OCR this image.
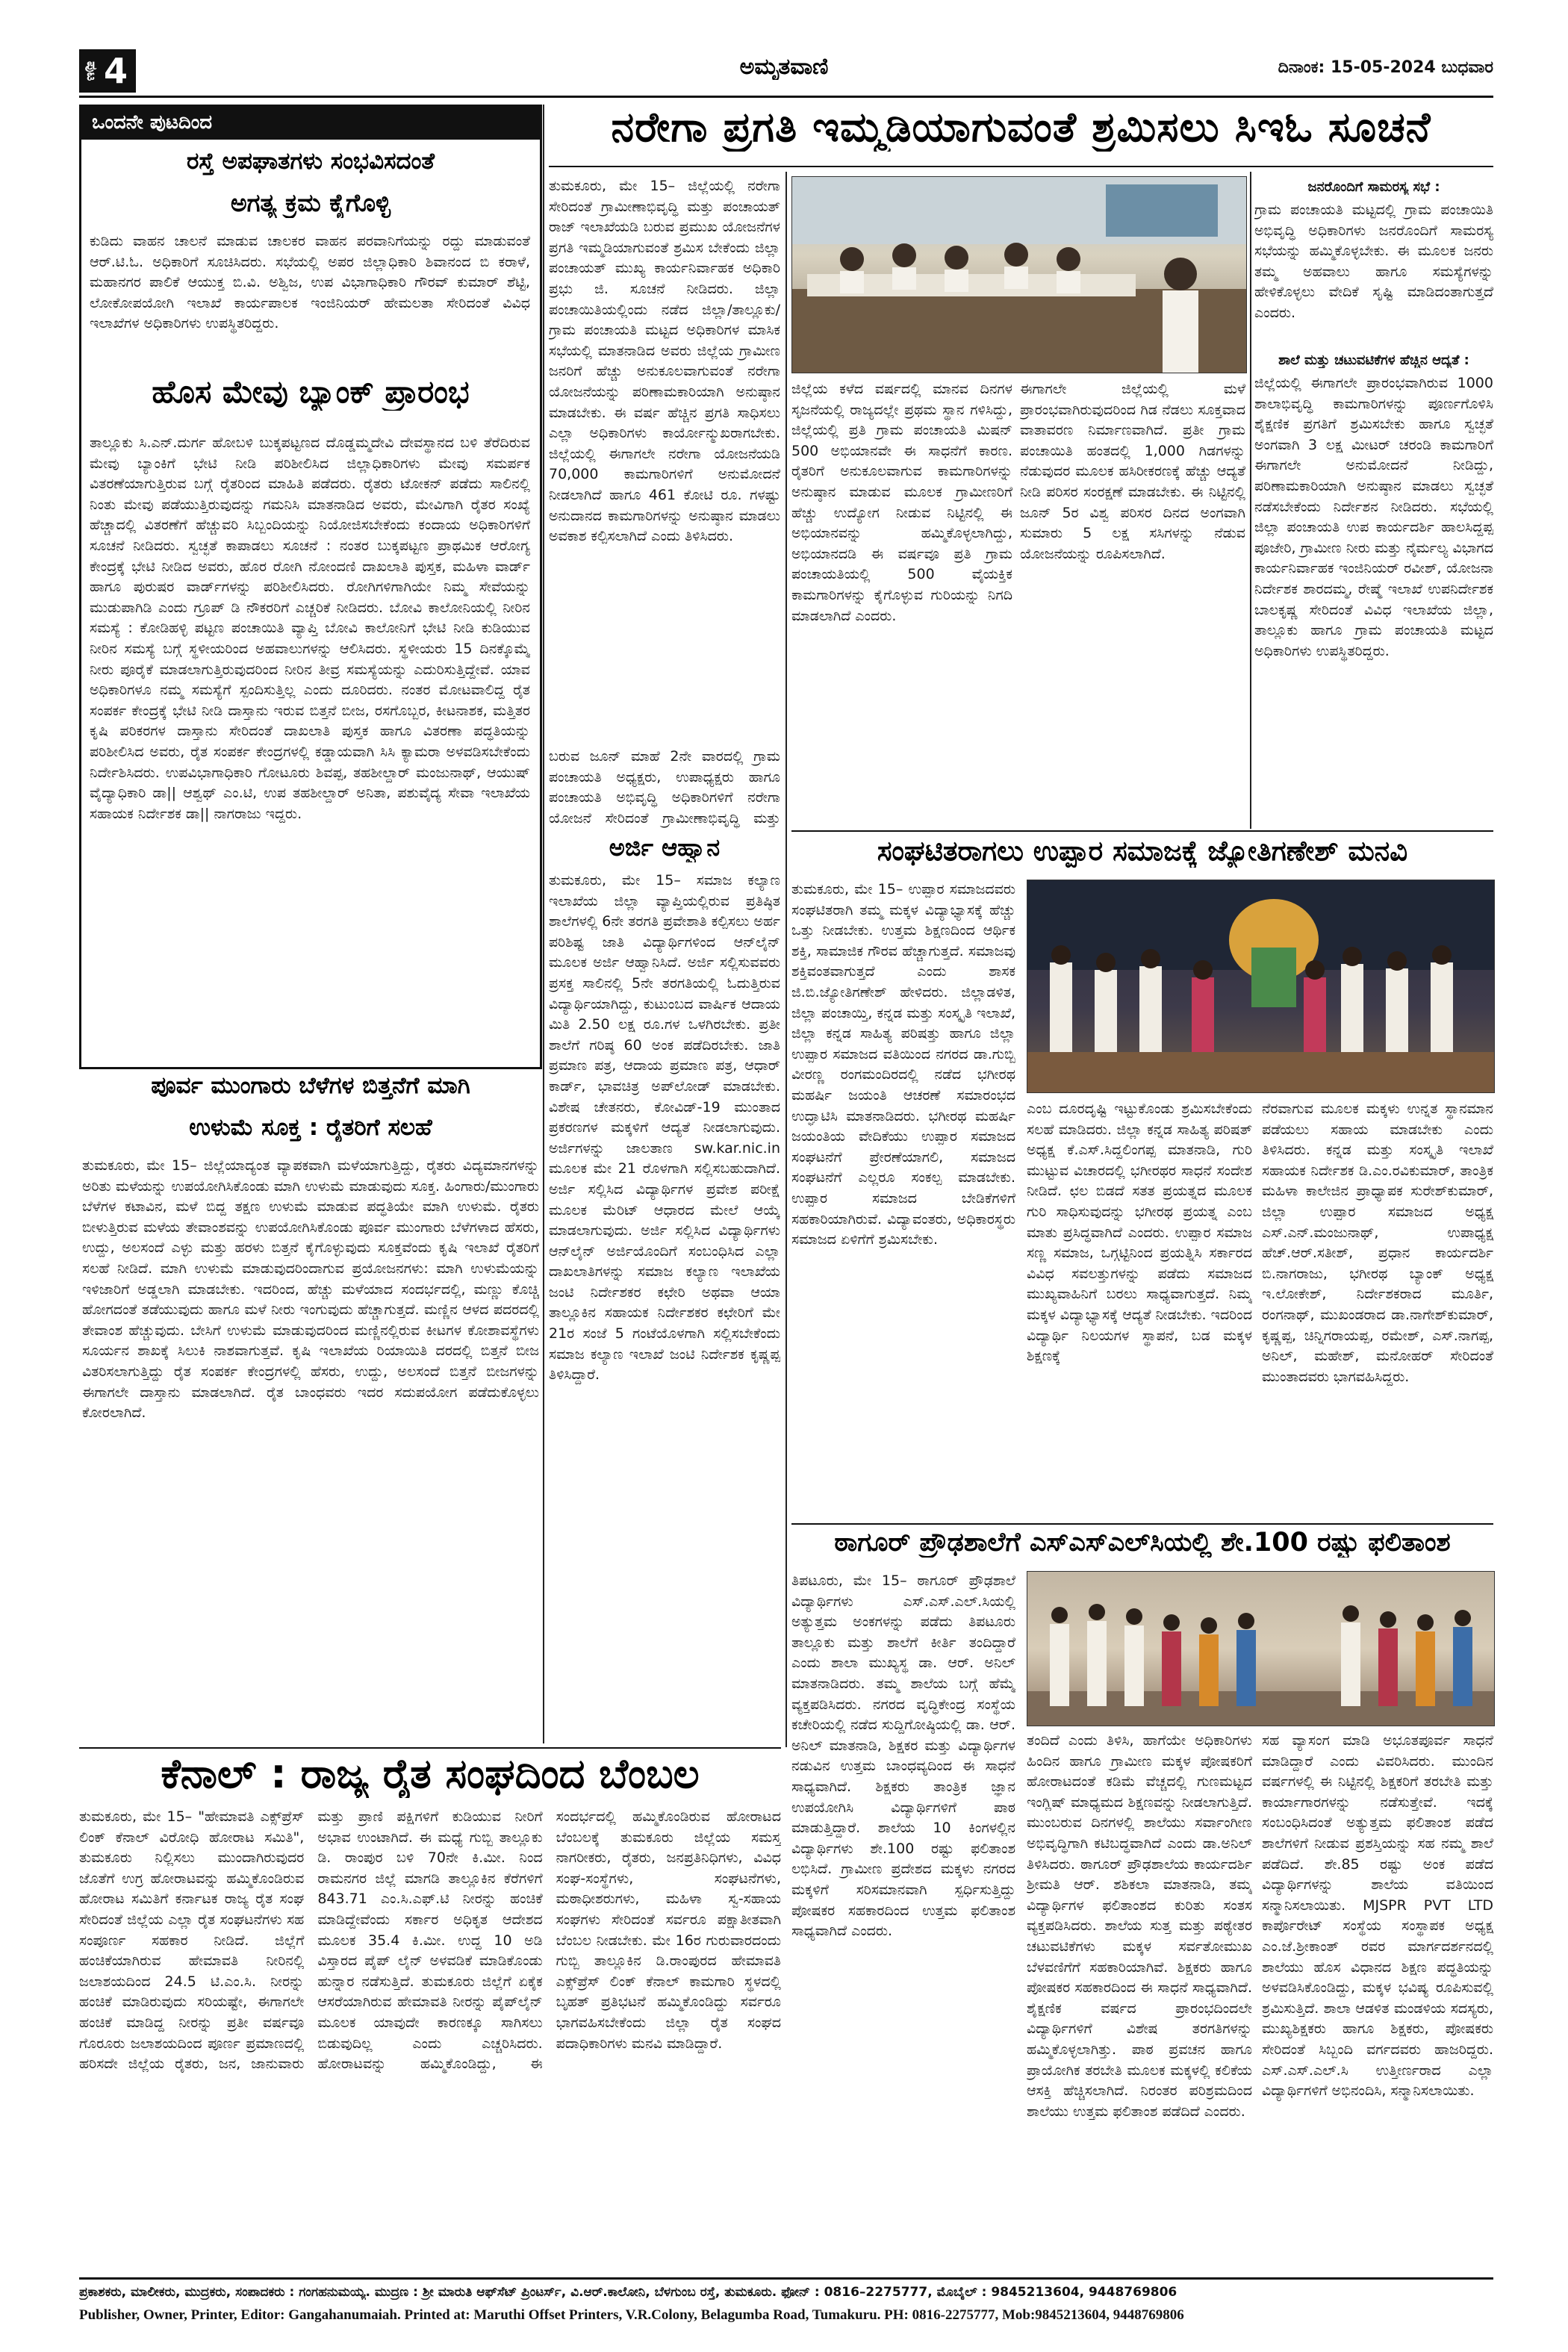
ಪುಟ 4	ಅಮೃತವಾಣಿ	ದಿನಾಂಕ: 15-05-2024 ಬುಧವಾರ
ಒಂದನೇ ಪುಟದಿಂದ
ರಸ್ತೆ ಅಪಘಾತಗಳು ಸಂಭವಿಸದಂತೆ
ಅಗತ್ಯ ಕ್ರಮ ಕೈಗೊಳ್ಳಿ
ಕುಡಿದು ವಾಹನ ಚಾಲನೆ ಮಾಡುವ ಚಾಲಕರ ವಾಹನ ಪರವಾನಿಗೆಯನ್ನು ರದ್ದು ಮಾಡುವಂತೆ ಆರ್.ಟಿ.ಓ. ಅಧಿಕಾರಿಗೆ ಸೂಚಿಸಿದರು. ಸಭೆಯಲ್ಲಿ ಅಪರ ಜಿಲ್ಲಾಧಿಕಾರಿ ಶಿವಾನಂದ ಬಿ ಕರಾಳೆ, ಮಹಾನಗರ ಪಾಲಿಕೆ ಆಯುಕ್ತ ಬಿ.ವಿ. ಅಶ್ವಿಜ, ಉಪ ವಿಭಾಗಾಧಿಕಾರಿ ಗೌರವ್ ಕುಮಾರ್ ಶೆಟ್ಟಿ, ಲೋಕೋಪಯೋಗಿ ಇಲಾಖೆ ಕಾರ್ಯಪಾಲಕ ಇಂಜಿನಿಯರ್ ಹೇಮಲತಾ ಸೇರಿದಂತೆ ವಿವಿಧ ಇಲಾಖೆಗಳ ಅಧಿಕಾರಿಗಳು ಉಪಸ್ಥಿತರಿದ್ದರು.
ಹೊಸ ಮೇವು ಬ್ಯಾಂಕ್ ಪ್ರಾರಂಭ
ತಾಲ್ಲೂಕು ಸಿ.ಎನ್.ದುರ್ಗ ಹೋಬಳಿ ಬುಕ್ಕಪಟ್ಟಣದ ದೊಡ್ಡಮ್ಮದೇವಿ ದೇವಸ್ಥಾನದ ಬಳಿ ತೆರೆದಿರುವ ಮೇವು ಬ್ಯಾಂಕಿಗೆ ಭೇಟಿ ನೀಡಿ ಪರಿಶೀಲಿಸಿದ ಜಿಲ್ಲಾಧಿಕಾರಿಗಳು ಮೇವು ಸಮರ್ಪಕ ವಿತರಣೆಯಾಗುತ್ತಿರುವ ಬಗ್ಗೆ ರೈತರಿಂದ ಮಾಹಿತಿ ಪಡೆದರು. ರೈತರು ಟೋಕನ್ ಪಡೆದು ಸಾಲಿನಲ್ಲಿ ನಿಂತು ಮೇವು ಪಡೆಯುತ್ತಿರುವುದನ್ನು ಗಮನಿಸಿ ಮಾತನಾಡಿದ ಅವರು, ಮೇವಿಗಾಗಿ ರೈತರ ಸಂಖ್ಯೆ ಹೆಚ್ಚಾದಲ್ಲಿ ವಿತರಣೆಗೆ ಹೆಚ್ಚುವರಿ ಸಿಬ್ಬಂದಿಯನ್ನು ನಿಯೋಜಿಸಬೇಕೆಂದು ಕಂದಾಯ ಅಧಿಕಾರಿಗಳಿಗೆ ಸೂಚನೆ ನೀಡಿದರು. ಸ್ವಚ್ಛತೆ ಕಾಪಾಡಲು ಸೂಚನೆ : ನಂತರ ಬುಕ್ಕಪಟ್ಟಣ ಪ್ರಾಥಮಿಕ ಆರೋಗ್ಯ ಕೇಂದ್ರಕ್ಕೆ ಭೇಟಿ ನೀಡಿದ ಅವರು, ಹೊರ ರೋಗಿ ನೋಂದಣಿ ದಾಖಲಾತಿ ಪುಸ್ತಕ, ಮಹಿಳಾ ವಾರ್ಡ್ ಹಾಗೂ ಪುರುಷರ ವಾರ್ಡ್‌ಗಳನ್ನು ಪರಿಶೀಲಿಸಿದರು. ರೋಗಿಗಳಿಗಾಗಿಯೇ ನಿಮ್ಮ ಸೇವೆಯನ್ನು ಮುಡುಪಾಗಿಡಿ ಎಂದು ಗ್ರೂಪ್ ಡಿ ನೌಕರರಿಗೆ ಎಚ್ಚರಿಕೆ ನೀಡಿದರು. ಬೋವಿ ಕಾಲೋನಿಯಲ್ಲಿ ನೀರಿನ ಸಮಸ್ಯೆ : ಕೋಡಿಹಳ್ಳಿ ಪಟ್ಟಣ ಪಂಚಾಯಿತಿ ವ್ಯಾಪ್ತಿ ಬೋವಿ ಕಾಲೋನಿಗೆ ಭೇಟಿ ನೀಡಿ ಕುಡಿಯುವ ನೀರಿನ ಸಮಸ್ಯೆ ಬಗ್ಗೆ ಸ್ಥಳೀಯರಿಂದ ಅಹವಾಲುಗಳನ್ನು ಆಲಿಸಿದರು. ಸ್ಥಳೀಯರು 15 ದಿನಕ್ಕೊಮ್ಮೆ ನೀರು ಪೂರೈಕೆ ಮಾಡಲಾಗುತ್ತಿರುವುದರಿಂದ ನೀರಿನ ತೀವ್ರ ಸಮಸ್ಯೆಯನ್ನು ಎದುರಿಸುತ್ತಿದ್ದೇವೆ. ಯಾವ ಅಧಿಕಾರಿಗಳೂ ನಮ್ಮ ಸಮಸ್ಯೆಗೆ ಸ್ಪಂದಿಸುತ್ತಿಲ್ಲ ಎಂದು ದೂರಿದರು. ನಂತರ ಮೋಟವಾಲಿದ್ದ ರೈತ ಸಂಪರ್ಕ ಕೇಂದ್ರಕ್ಕೆ ಭೇಟಿ ನೀಡಿ ದಾಸ್ತಾನು ಇರುವ ಬಿತ್ತನೆ ಬೀಜ, ರಸಗೊಬ್ಬರ, ಕೀಟನಾಶಕ, ಮತ್ತಿತರ ಕೃಷಿ ಪರಿಕರಗಳ ದಾಸ್ತಾನು ಸೇರಿದಂತೆ ದಾಖಲಾತಿ ಪುಸ್ತಕ ಹಾಗೂ ವಿತರಣಾ ಪದ್ಧತಿಯನ್ನು ಪರಿಶೀಲಿಸಿದ ಅವರು, ರೈತ ಸಂಪರ್ಕ ಕೇಂದ್ರಗಳಲ್ಲಿ ಕಡ್ಡಾಯವಾಗಿ ಸಿಸಿ ಕ್ಯಾಮರಾ ಅಳವಡಿಸಬೇಕೆಂದು ನಿರ್ದೇಶಿಸಿದರು. ಉಪವಿಭಾಗಾಧಿಕಾರಿ ಗೋಟೂರು ಶಿವಪ್ಪ, ತಹಶೀಲ್ದಾರ್ ಮಂಜುನಾಥ್, ಆಯುಷ್ ವೈದ್ಯಾಧಿಕಾರಿ ಡಾ|| ಆಶ್ವಥ್ ಎಂ.ಟಿ, ಉಪ ತಹಶೀಲ್ದಾರ್ ಅನಿತಾ, ಪಶುವೈದ್ಯ ಸೇವಾ ಇಲಾಖೆಯ ಸಹಾಯಕ ನಿರ್ದೇಶಕ ಡಾ|| ನಾಗರಾಜು ಇದ್ದರು.
ಪೂರ್ವ ಮುಂಗಾರು ಬೆಳೆಗಳ ಬಿತ್ತನೆಗೆ ಮಾಗಿ
ಉಳುಮೆ ಸೂಕ್ತ : ರೈತರಿಗೆ ಸಲಹೆ
ತುಮಕೂರು, ಮೇ 15– ಜಿಲ್ಲೆಯಾದ್ಯಂತ ವ್ಯಾಪಕವಾಗಿ ಮಳೆಯಾಗುತ್ತಿದ್ದು, ರೈತರು ವಿದ್ಯಮಾನಗಳನ್ನು ಅರಿತು ಮಳೆಯನ್ನು ಉಪಯೋಗಿಸಿಕೊಂಡು ಮಾಗಿ ಉಳುಮೆ ಮಾಡುವುದು ಸೂಕ್ತ. ಹಿಂಗಾರು/ಮುಂಗಾರು ಬೆಳೆಗಳ ಕಟಾವಿನ, ಮಳೆ ಬಿದ್ದ ತಕ್ಷಣ ಉಳುಮೆ ಮಾಡುವ ಪದ್ಧತಿಯೇ ಮಾಗಿ ಉಳುಮೆ. ರೈತರು ಬೀಳುತ್ತಿರುವ ಮಳೆಯ ತೇವಾಂಶವನ್ನು ಉಪಯೋಗಿಸಿಕೊಂಡು ಪೂರ್ವ ಮುಂಗಾರು ಬೆಳೆಗಳಾದ ಹೆಸರು, ಉದ್ದು, ಅಲಸಂದೆ ಎಳ್ಳು ಮತ್ತು ಹರಳು ಬಿತ್ತನೆ ಕೈಗೊಳ್ಳುವುದು ಸೂಕ್ತವೆಂದು ಕೃಷಿ ಇಲಾಖೆ ರೈತರಿಗೆ ಸಲಹೆ ನೀಡಿದೆ. ಮಾಗಿ ಉಳುಮೆ ಮಾಡುವುದರಿಂದಾಗುವ ಪ್ರಯೋಜನಗಳು: ಮಾಗಿ ಉಳುಮೆಯನ್ನು ಇಳಿಜಾರಿಗೆ ಅಡ್ಡಲಾಗಿ ಮಾಡಬೇಕು. ಇದರಿಂದ, ಹೆಚ್ಚು ಮಳೆಯಾದ ಸಂದರ್ಭದಲ್ಲಿ, ಮಣ್ಣು ಕೊಚ್ಚಿ ಹೋಗದಂತೆ ತಡೆಯುವುದು ಹಾಗೂ ಮಳೆ ನೀರು ಇಂಗುವುದು ಹೆಚ್ಚಾಗುತ್ತದೆ. ಮಣ್ಣಿನ ಆಳದ ಪದರದಲ್ಲಿ ತೇವಾಂಶ ಹೆಚ್ಚುವುದು. ಬೇಸಿಗೆ ಉಳುಮೆ ಮಾಡುವುದರಿಂದ ಮಣ್ಣಿನಲ್ಲಿರುವ ಕೀಟಗಳ ಕೋಶಾವಸ್ಥೆಗಳು ಸೂರ್ಯನ ಶಾಖಕ್ಕೆ ಸಿಲುಕಿ ನಾಶವಾಗುತ್ತವೆ. ಕೃಷಿ ಇಲಾಖೆಯ ರಿಯಾಯಿತಿ ದರದಲ್ಲಿ ಬಿತ್ತನೆ ಬೀಜ ವಿತರಿಸಲಾಗುತ್ತಿದ್ದು ರೈತ ಸಂಪರ್ಕ ಕೇಂದ್ರಗಳಲ್ಲಿ ಹೆಸರು, ಉದ್ದು, ಅಲಸಂದೆ ಬಿತ್ತನೆ ಬೀಜಗಳನ್ನು ಈಗಾಗಲೇ ದಾಸ್ತಾನು ಮಾಡಲಾಗಿದೆ. ರೈತ ಬಾಂಧವರು ಇದರ ಸದುಪಯೋಗ ಪಡೆದುಕೊಳ್ಳಲು ಕೋರಲಾಗಿದೆ.
ನರೇಗಾ ಪ್ರಗತಿ ಇಮ್ಮಡಿಯಾಗುವಂತೆ ಶ್ರಮಿಸಲು ಸಿಇಓ ಸೂಚನೆ
ತುಮಕೂರು, ಮೇ 15– ಜಿಲ್ಲೆಯಲ್ಲಿ ನರೇಗಾ ಸೇರಿದಂತೆ ಗ್ರಾಮೀಣಾಭಿವೃದ್ಧಿ ಮತ್ತು ಪಂಚಾಯತ್ ರಾಜ್ ಇಲಾಖೆಯಡಿ ಬರುವ ಪ್ರಮುಖ ಯೋಜನೆಗಳ ಪ್ರಗತಿ ಇಮ್ಮಡಿಯಾಗುವಂತೆ ಶ್ರಮಿಸ ಬೇಕೆಂದು ಜಿಲ್ಲಾ ಪಂಚಾಯತ್ ಮುಖ್ಯ ಕಾರ್ಯನಿರ್ವಾಹಕ ಅಧಿಕಾರಿ ಪ್ರಭು ಜಿ. ಸೂಚನೆ ನೀಡಿದರು. ಜಿಲ್ಲಾ ಪಂಚಾಯಿತಿಯಲ್ಲಿಂದು ನಡೆದ ಜಿಲ್ಲಾ/ತಾಲ್ಲೂಕು/ಗ್ರಾಮ ಪಂಚಾಯತಿ ಮಟ್ಟದ ಅಧಿಕಾರಿಗಳ ಮಾಸಿಕ ಸಭೆಯಲ್ಲಿ ಮಾತನಾಡಿದ ಅವರು ಜಿಲ್ಲೆಯ ಗ್ರಾಮೀಣ ಜನರಿಗೆ ಹೆಚ್ಚು ಅನುಕೂಲವಾಗುವಂತೆ ನರೇಗಾ ಯೋಜನೆಯನ್ನು ಪರಿಣಾಮಕಾರಿಯಾಗಿ ಅನುಷ್ಠಾನ ಮಾಡಬೇಕು. ಈ ವರ್ಷ ಹೆಚ್ಚಿನ ಪ್ರಗತಿ ಸಾಧಿಸಲು ಎಲ್ಲಾ ಅಧಿಕಾರಿಗಳು ಕಾರ್ಯೋನ್ಮುಖರಾಗಬೇಕು. ಜಿಲ್ಲೆಯಲ್ಲಿ ಈಗಾಗಲೇ ನರೇಗಾ ಯೋಜನೆಯಡಿ 70,000 ಕಾಮಗಾರಿಗಳಿಗೆ ಅನುಮೋದನೆ ನೀಡಲಾಗಿದೆ ಹಾಗೂ 461 ಕೋಟಿ ರೂ. ಗಳಷ್ಟು ಅನುದಾನದ ಕಾಮಗಾರಿಗಳನ್ನು ಅನುಷ್ಠಾನ ಮಾಡಲು ಅವಕಾಶ ಕಲ್ಪಿಸಲಾಗಿದೆ ಎಂದು ತಿಳಿಸಿದರು.
ಜಿಲ್ಲೆಯ ಕಳೆದ ವರ್ಷದಲ್ಲಿ ಮಾನವ ದಿನಗಳ ಸೃಜನೆಯಲ್ಲಿ ರಾಜ್ಯದಲ್ಲೇ ಪ್ರಥಮ ಸ್ಥಾನ ಗಳಿಸಿದ್ದು, ಜಿಲ್ಲೆಯಲ್ಲಿ ಪ್ರತಿ ಗ್ರಾಮ ಪಂಚಾಯತಿ ಮಿಷನ್ 500 ಅಭಿಯಾನವೇ ಈ ಸಾಧನೆಗೆ ಕಾರಣ. ರೈತರಿಗೆ ಅನುಕೂಲವಾಗುವ ಕಾಮಗಾರಿಗಳನ್ನು ಅನುಷ್ಠಾನ ಮಾಡುವ ಮೂಲಕ ಗ್ರಾಮೀಣರಿಗೆ ಹೆಚ್ಚು ಉದ್ಯೋಗ ನೀಡುವ ನಿಟ್ಟಿನಲ್ಲಿ ಈ ಅಭಿಯಾನವನ್ನು ಹಮ್ಮಿಕೊಳ್ಳಲಾಗಿದ್ದು, ಅಭಿಯಾನದಡಿ ಈ ವರ್ಷವೂ ಪ್ರತಿ ಗ್ರಾಮ ಪಂಚಾಯತಿಯಲ್ಲಿ 500 ವೈಯಕ್ತಿಕ ಕಾಮಗಾರಿಗಳನ್ನು ಕೈಗೊಳ್ಳುವ ಗುರಿಯನ್ನು ನಿಗದಿ ಮಾಡಲಾಗಿದೆ ಎಂದರು.
ಈಗಾಗಲೇ ಜಿಲ್ಲೆಯಲ್ಲಿ ಮಳೆ ಪ್ರಾರಂಭವಾಗಿರುವುದರಿಂದ ಗಿಡ ನೆಡಲು ಸೂಕ್ತವಾದ ವಾತಾವರಣ ನಿರ್ಮಾಣವಾಗಿದೆ. ಪ್ರತೀ ಗ್ರಾಮ ಪಂಚಾಯಿತಿ ಹಂತದಲ್ಲಿ 1,000 ಗಿಡಗಳನ್ನು ನೆಡುವುದರ ಮೂಲಕ ಹಸಿರೀಕರಣಕ್ಕೆ ಹೆಚ್ಚು ಆದ್ಯತೆ ನೀಡಿ ಪರಿಸರ ಸಂರಕ್ಷಣೆ ಮಾಡಬೇಕು. ಈ ನಿಟ್ಟಿನಲ್ಲಿ ಜೂನ್ 5ರ ವಿಶ್ವ ಪರಿಸರ ದಿನದ ಅಂಗವಾಗಿ ಸುಮಾರು 5 ಲಕ್ಷ ಸಸಿಗಳನ್ನು ನೆಡುವ ಯೋಜನೆಯನ್ನು ರೂಪಿಸಲಾಗಿದೆ.
ಜನರೊಂದಿಗೆ ಸಾಮರಸ್ಯ ಸಭೆ :
ಗ್ರಾಮ ಪಂಚಾಯತಿ ಮಟ್ಟದಲ್ಲಿ ಗ್ರಾಮ ಪಂಚಾಯಿತಿ ಅಭಿವೃದ್ಧಿ ಅಧಿಕಾರಿಗಳು ಜನರೊಂದಿಗೆ ಸಾಮರಸ್ಯ ಸಭೆಯನ್ನು ಹಮ್ಮಿಕೊಳ್ಳಬೇಕು. ಈ ಮೂಲಕ ಜನರು ತಮ್ಮ ಅಹವಾಲು ಹಾಗೂ ಸಮಸ್ಯೆಗಳನ್ನು ಹೇಳಿಕೊಳ್ಳಲು ವೇದಿಕೆ ಸೃಷ್ಟಿ ಮಾಡಿದಂತಾಗುತ್ತದೆ ಎಂದರು.
ಶಾಲೆ ಮತ್ತು ಚಟುವಟಿಕೆಗಳ ಹೆಚ್ಚಿನ ಆದ್ಯತೆ :
ಜಿಲ್ಲೆಯಲ್ಲಿ ಈಗಾಗಲೇ ಪ್ರಾರಂಭವಾಗಿರುವ 1000 ಶಾಲಾಭಿವೃದ್ಧಿ ಕಾಮಗಾರಿಗಳನ್ನು ಪೂರ್ಣಗೊಳಿಸಿ ಶೈಕ್ಷಣಿಕ ಪ್ರಗತಿಗೆ ಶ್ರಮಿಸಬೇಕು ಹಾಗೂ ಸ್ವಚ್ಛತೆ ಅಂಗವಾಗಿ 3 ಲಕ್ಷ ಮೀಟರ್ ಚರಂಡಿ ಕಾಮಗಾರಿಗೆ ಈಗಾಗಲೇ ಅನುಮೋದನೆ ನೀಡಿದ್ದು, ಪರಿಣಾಮಕಾರಿಯಾಗಿ ಅನುಷ್ಠಾನ ಮಾಡಲು ಸ್ವಚ್ಛತೆ ನಡೆಸಬೇಕೆಂದು ನಿರ್ದೇಶನ ನೀಡಿದರು. ಸಭೆಯಲ್ಲಿ ಜಿಲ್ಲಾ ಪಂಚಾಯತಿ ಉಪ ಕಾರ್ಯದರ್ಶಿ ಹಾಲಸಿದ್ದಪ್ಪ ಪೂಜೇರಿ, ಗ್ರಾಮೀಣ ನೀರು ಮತ್ತು ನೈರ್ಮಲ್ಯ ವಿಭಾಗದ ಕಾರ್ಯನಿರ್ವಾಹಕ ಇಂಜಿನಿಯರ್ ರವೀಶ್, ಯೋಜನಾ ನಿರ್ದೇಶಕ ಶಾರದಮ್ಮ, ರೇಷ್ಮೆ ಇಲಾಖೆ ಉಪನಿರ್ದೇಶಕ ಬಾಲಕೃಷ್ಣ ಸೇರಿದಂತೆ ವಿವಿಧ ಇಲಾಖೆಯ ಜಿಲ್ಲಾ, ತಾಲ್ಲೂಕು ಹಾಗೂ ಗ್ರಾಮ ಪಂಚಾಯತಿ ಮಟ್ಟದ ಅಧಿಕಾರಿಗಳು ಉಪಸ್ಥಿತರಿದ್ದರು.
ಬರುವ ಜೂನ್ ಮಾಹೆ 2ನೇ ವಾರದಲ್ಲಿ ಗ್ರಾಮ ಪಂಚಾಯತಿ ಅಧ್ಯಕ್ಷರು, ಉಪಾಧ್ಯಕ್ಷರು ಹಾಗೂ ಪಂಚಾಯತಿ ಅಭಿವೃದ್ಧಿ ಅಧಿಕಾರಿಗಳಿಗೆ ನರೇಗಾ ಯೋಜನೆ ಸೇರಿದಂತೆ ಗ್ರಾಮೀಣಾಭಿವೃದ್ಧಿ ಮತ್ತು
ಅರ್ಜಿ ಆಹ್ವಾನ
ತುಮಕೂರು, ಮೇ 15– ಸಮಾಜ ಕಲ್ಯಾಣ ಇಲಾಖೆಯ ಜಿಲ್ಲಾ ವ್ಯಾಪ್ತಿಯಲ್ಲಿರುವ ಪ್ರತಿಷ್ಠಿತ ಶಾಲೆಗಳಲ್ಲಿ 6ನೇ ತರಗತಿ ಪ್ರವೇಶಾತಿ ಕಲ್ಪಿಸಲು ಅರ್ಹ ಪರಿಶಿಷ್ಟ ಜಾತಿ ವಿದ್ಯಾರ್ಥಿಗಳಿಂದ ಆನ್‌ಲೈನ್ ಮೂಲಕ ಅರ್ಜಿ ಆಹ್ವಾನಿಸಿದೆ. ಅರ್ಜಿ ಸಲ್ಲಿಸುವವರು ಪ್ರಸಕ್ತ ಸಾಲಿನಲ್ಲಿ 5ನೇ ತರಗತಿಯಲ್ಲಿ ಓದುತ್ತಿರುವ ವಿದ್ಯಾರ್ಥಿಯಾಗಿದ್ದು, ಕುಟುಂಬದ ವಾರ್ಷಿಕ ಆದಾಯ ಮಿತಿ 2.50 ಲಕ್ಷ ರೂ.ಗಳ ಒಳಗಿರಬೇಕು. ಪ್ರತೀ ಶಾಲೆಗೆ ಗರಿಷ್ಠ 60 ಅಂಕ ಪಡೆದಿರಬೇಕು. ಜಾತಿ ಪ್ರಮಾಣ ಪತ್ರ, ಆದಾಯ ಪ್ರಮಾಣ ಪತ್ರ, ಆಧಾರ್ ಕಾರ್ಡ್, ಭಾವಚಿತ್ರ ಅಪ್‌ಲೋಡ್ ಮಾಡಬೇಕು. ವಿಶೇಷ ಚೇತನರು, ಕೋವಿಡ್-19 ಮುಂತಾದ ಪ್ರಕರಣಗಳ ಮಕ್ಕಳಿಗೆ ಆದ್ಯತೆ ನೀಡಲಾಗುವುದು. ಅರ್ಜಿಗಳನ್ನು ಜಾಲತಾಣ sw.kar.nic.in ಮೂಲಕ ಮೇ 21 ರೊಳಗಾಗಿ ಸಲ್ಲಿಸಬಹುದಾಗಿದೆ. ಅರ್ಜಿ ಸಲ್ಲಿಸಿದ ವಿದ್ಯಾರ್ಥಿಗಳ ಪ್ರವೇಶ ಪರೀಕ್ಷೆ ಮೂಲಕ ಮೆರಿಟ್ ಆಧಾರದ ಮೇಲೆ ಆಯ್ಕೆ ಮಾಡಲಾಗುವುದು. ಅರ್ಜಿ ಸಲ್ಲಿಸಿದ ವಿದ್ಯಾರ್ಥಿಗಳು ಆನ್‌ಲೈನ್ ಅರ್ಜಿಯೊಂದಿಗೆ ಸಂಬಂಧಿಸಿದ ಎಲ್ಲಾ ದಾಖಲಾತಿಗಳನ್ನು ಸಮಾಜ ಕಲ್ಯಾಣ ಇಲಾಖೆಯ ಜಂಟಿ ನಿರ್ದೇಶಕರ ಕಛೇರಿ ಅಥವಾ ಆಯಾ ತಾಲ್ಲೂಕಿನ ಸಹಾಯಕ ನಿರ್ದೇಶಕರ ಕಛೇರಿಗೆ ಮೇ 21ರ ಸಂಜೆ 5 ಗಂಟೆಯೊಳಗಾಗಿ ಸಲ್ಲಿಸಬೇಕೆಂದು ಸಮಾಜ ಕಲ್ಯಾಣ ಇಲಾಖೆ ಜಂಟಿ ನಿರ್ದೇಶಕ ಕೃಷ್ಣಪ್ಪ ತಿಳಿಸಿದ್ದಾರೆ.
ಸಂಘಟಿತರಾಗಲು ಉಪ್ಪಾರ ಸಮಾಜಕ್ಕೆ ಜ್ಯೋತಿಗಣೇಶ್ ಮನವಿ
ತುಮಕೂರು, ಮೇ 15– ಉಪ್ಪಾರ ಸಮಾಜದವರು ಸಂಘಟಿತರಾಗಿ ತಮ್ಮ ಮಕ್ಕಳ ವಿದ್ಯಾಭ್ಯಾಸಕ್ಕೆ ಹೆಚ್ಚು ಒತ್ತು ನೀಡಬೇಕು. ಉತ್ತಮ ಶಿಕ್ಷಣದಿಂದ ಆರ್ಥಿಕ ಶಕ್ತಿ, ಸಾಮಾಜಿಕ ಗೌರವ ಹೆಚ್ಚಾಗುತ್ತದೆ. ಸಮಾಜವು ಶಕ್ತಿವಂತವಾಗುತ್ತದೆ ಎಂದು ಶಾಸಕ ಜಿ.ಬಿ.ಜ್ಯೋತಿಗಣೇಶ್ ಹೇಳಿದರು. ಜಿಲ್ಲಾಡಳಿತ, ಜಿಲ್ಲಾ ಪಂಚಾಯ್ತಿ, ಕನ್ನಡ ಮತ್ತು ಸಂಸ್ಕೃತಿ ಇಲಾಖೆ, ಜಿಲ್ಲಾ ಕನ್ನಡ ಸಾಹಿತ್ಯ ಪರಿಷತ್ತು ಹಾಗೂ ಜಿಲ್ಲಾ ಉಪ್ಪಾರ ಸಮಾಜದ ವತಿಯಿಂದ ನಗರದ ಡಾ.ಗುಬ್ಬಿ ವೀರಣ್ಣ ರಂಗಮಂದಿರದಲ್ಲಿ ನಡೆದ ಭಗೀರಥ ಮಹರ್ಷಿ ಜಯಂತಿ ಆಚರಣೆ ಸಮಾರಂಭದ ಉದ್ಘಾಟಿಸಿ ಮಾತನಾಡಿದರು. ಭಗೀರಥ ಮಹರ್ಷಿ ಜಯಂತಿಯ ವೇದಿಕೆಯು ಉಪ್ಪಾರ ಸಮಾಜದ ಸಂಘಟನೆಗೆ ಪ್ರೇರಣೆಯಾಗಲಿ, ಸಮಾಜದ ಸಂಘಟನೆಗೆ ಎಲ್ಲರೂ ಸಂಕಲ್ಪ ಮಾಡಬೇಕು. ಉಪ್ಪಾರ ಸಮಾಜದ ಬೇಡಿಕೆಗಳಿಗೆ ಸಹಕಾರಿಯಾಗಿರುವೆ. ವಿದ್ಯಾವಂತರು, ಅಧಿಕಾರಸ್ಥರು ಸಮಾಜದ ಏಳಿಗೆಗೆ ಶ್ರಮಿಸಬೇಕು.
ಎಂಬ ದೂರದೃಷ್ಟಿ ಇಟ್ಟುಕೊಂಡು ಶ್ರಮಿಸಬೇಕೆಂದು ಸಲಹೆ ಮಾಡಿದರು. ಜಿಲ್ಲಾ ಕನ್ನಡ ಸಾಹಿತ್ಯ ಪರಿಷತ್ ಅಧ್ಯಕ್ಷ ಕೆ.ಎಸ್.ಸಿದ್ದಲಿಂಗಪ್ಪ ಮಾತನಾಡಿ, ಗುರಿ ಮುಟ್ಟುವ ವಿಚಾರದಲ್ಲಿ ಭಗೀರಥರ ಸಾಧನೆ ಸಂದೇಶ ನೀಡಿದೆ. ಛಲ ಬಿಡದೆ ಸತತ ಪ್ರಯತ್ನದ ಮೂಲಕ ಗುರಿ ಸಾಧಿಸುವುದನ್ನು ಭಗೀರಥ ಪ್ರಯತ್ನ ಎಂಬ ಮಾತು ಪ್ರಸಿದ್ಧವಾಗಿದೆ ಎಂದರು. ಉಪ್ಪಾರ ಸಮಾಜ ಸಣ್ಣ ಸಮಾಜ, ಒಗ್ಗಟ್ಟಿನಿಂದ ಪ್ರಯತ್ನಿಸಿ ಸರ್ಕಾರದ ವಿವಿಧ ಸವಲತ್ತುಗಳನ್ನು ಪಡೆದು ಸಮಾಜದ ಮುಖ್ಯವಾಹಿನಿಗೆ ಬರಲು ಸಾಧ್ಯವಾಗುತ್ತದೆ. ನಿಮ್ಮ ಮಕ್ಕಳ ವಿದ್ಯಾಭ್ಯಾಸಕ್ಕೆ ಆದ್ಯತೆ ನೀಡಬೇಕು. ಇದರಿಂದ ವಿದ್ಯಾರ್ಥಿ ನಿಲಯಗಳ ಸ್ಥಾಪನೆ, ಬಡ ಮಕ್ಕಳ ಶಿಕ್ಷಣಕ್ಕೆ
ನೆರವಾಗುವ ಮೂಲಕ ಮಕ್ಕಳು ಉನ್ನತ ಸ್ಥಾನಮಾನ ಪಡೆಯಲು ಸಹಾಯ ಮಾಡಬೇಕು ಎಂದು ತಿಳಿಸಿದರು. ಕನ್ನಡ ಮತ್ತು ಸಂಸ್ಕೃತಿ ಇಲಾಖೆ ಸಹಾಯಕ ನಿರ್ದೇಶಕ ಡಿ.ಎಂ.ರವಿಕುಮಾರ್, ತಾಂತ್ರಿಕ ಮಹಿಳಾ ಕಾಲೇಜಿನ ಪ್ರಾಧ್ಯಾಪಕ ಸುರೇಶ್‌ಕುಮಾರ್, ಜಿಲ್ಲಾ ಉಪ್ಪಾರ ಸಮಾಜದ ಅಧ್ಯಕ್ಷ ಎಸ್.ಎನ್.ಮಂಜುನಾಥ್, ಉಪಾಧ್ಯಕ್ಷ ಹೆಚ್.ಆರ್.ಸತೀಶ್, ಪ್ರಧಾನ ಕಾರ್ಯದರ್ಶಿ ಬಿ.ನಾಗರಾಜು, ಭಗೀರಥ ಬ್ಯಾಂಕ್ ಅಧ್ಯಕ್ಷ ಇ.ಲೋಕೇಶ್, ನಿರ್ದೇಶಕರಾದ ಮೂರ್ತಿ, ರಂಗನಾಥ್, ಮುಖಂಡರಾದ ಡಾ.ನಾಗೇಶ್‌ಕುಮಾರ್, ಕೃಷ್ಣಪ್ಪ, ಚಿನ್ನಿಗರಾಯಪ್ಪ, ರಮೇಶ್, ಎಸ್.ನಾಗಪ್ಪ, ಅನಿಲ್, ಮಹೇಶ್, ಮನೋಹರ್ ಸೇರಿದಂತೆ ಮುಂತಾದವರು ಭಾಗವಹಿಸಿದ್ದರು.
ಠಾಗೂರ್ ಪ್ರೌಢಶಾಲೆಗೆ ಎಸ್‌ಎಸ್‌ಎಲ್‌ಸಿಯಲ್ಲಿ ಶೇ.100 ರಷ್ಟು ಫಲಿತಾಂಶ
ತಿಪಟೂರು, ಮೇ 15– ಠಾಗೂರ್ ಪ್ರೌಢಶಾಲೆ ವಿದ್ಯಾರ್ಥಿಗಳು ಎಸ್.ಎಸ್.ಎಲ್.ಸಿಯಲ್ಲಿ ಅತ್ಯುತ್ತಮ ಅಂಕಗಳನ್ನು ಪಡೆದು ತಿಪಟೂರು ತಾಲ್ಲೂಕು ಮತ್ತು ಶಾಲೆಗೆ ಕೀರ್ತಿ ತಂದಿದ್ದಾರೆ ಎಂದು ಶಾಲಾ ಮುಖ್ಯಸ್ಥ ಡಾ. ಆರ್. ಅನಿಲ್ ಮಾತನಾಡಿದರು. ತಮ್ಮ ಶಾಲೆಯ ಬಗ್ಗೆ ಹೆಮ್ಮೆ ವ್ಯಕ್ತಪಡಿಸಿದರು. ನಗರದ ವೃದ್ಧಿಕೇಂದ್ರ ಸಂಸ್ಥೆಯ ಕಚೇರಿಯಲ್ಲಿ ನಡೆದ ಸುದ್ದಿಗೋಷ್ಠಿಯಲ್ಲಿ ಡಾ. ಆರ್. ಅನಿಲ್ ಮಾತನಾಡಿ, ಶಿಕ್ಷಕರ ಮತ್ತು ವಿದ್ಯಾರ್ಥಿಗಳ ನಡುವಿನ ಉತ್ತಮ ಬಾಂಧವ್ಯದಿಂದ ಈ ಸಾಧನೆ ಸಾಧ್ಯವಾಗಿದೆ. ಶಿಕ್ಷಕರು ತಾಂತ್ರಿಕ ಜ್ಞಾನ ಉಪಯೋಗಿಸಿ ವಿದ್ಯಾರ್ಥಿಗಳಿಗೆ ಪಾಠ ಮಾಡುತ್ತಿದ್ದಾರೆ. ಶಾಲೆಯ 10 ಕಿಂಗಳಲ್ಲಿನ ವಿದ್ಯಾರ್ಥಿಗಳು ಶೇ.100 ರಷ್ಟು ಫಲಿತಾಂಶ ಲಭಿಸಿದೆ. ಗ್ರಾಮೀಣ ಪ್ರದೇಶದ ಮಕ್ಕಳು ನಗರದ ಮಕ್ಕಳಿಗೆ ಸರಿಸಮಾನವಾಗಿ ಸ್ಪರ್ಧಿಸುತ್ತಿದ್ದು ಪೋಷಕರ ಸಹಕಾರದಿಂದ ಉತ್ತಮ ಫಲಿತಾಂಶ ಸಾಧ್ಯವಾಗಿದೆ ಎಂದರು.
ತಂದಿದೆ ಎಂದು ತಿಳಿಸಿ, ಹಾಗೆಯೇ ಅಧಿಕಾರಿಗಳು ಹಿಂದಿನ ಹಾಗೂ ಗ್ರಾಮೀಣ ಮಕ್ಕಳ ಪೋಷಕರಿಗೆ ಹೋರಾಟದಂತೆ ಕಡಿಮೆ ವೆಚ್ಚದಲ್ಲಿ ಗುಣಮಟ್ಟದ ಇಂಗ್ಲಿಷ್ ಮಾಧ್ಯಮದ ಶಿಕ್ಷಣವನ್ನು ನೀಡಲಾಗುತ್ತಿದೆ. ಮುಂಬರುವ ದಿನಗಳಲ್ಲಿ ಶಾಲೆಯು ಸರ್ವಾಂಗೀಣ ಅಭಿವೃದ್ಧಿಗಾಗಿ ಕಟಿಬದ್ಧವಾಗಿದೆ ಎಂದು ಡಾ.ಅನಿಲ್ ತಿಳಿಸಿದರು. ಠಾಗೂರ್ ಪ್ರೌಢಶಾಲೆಯ ಕಾರ್ಯದರ್ಶಿ ಶ್ರೀಮತಿ ಆರ್. ಶಶಿಕಲಾ ಮಾತನಾಡಿ, ತಮ್ಮ ವಿದ್ಯಾರ್ಥಿಗಳ ಫಲಿತಾಂಶದ ಕುರಿತು ಸಂತಸ ವ್ಯಕ್ತಪಡಿಸಿದರು. ಶಾಲೆಯ ಸುತ್ತ ಮತ್ತು ಪಠ್ಯೇತರ ಚಟುವಟಿಕೆಗಳು ಮಕ್ಕಳ ಸರ್ವತೋಮುಖ ಬೆಳವಣಿಗೆಗೆ ಸಹಕಾರಿಯಾಗಿವೆ. ಶಿಕ್ಷಕರು ಹಾಗೂ ಪೋಷಕರ ಸಹಕಾರದಿಂದ ಈ ಸಾಧನೆ ಸಾಧ್ಯವಾಗಿದೆ. ಶೈಕ್ಷಣಿಕ ವರ್ಷದ ಪ್ರಾರಂಭದಿಂದಲೇ ವಿದ್ಯಾರ್ಥಿಗಳಿಗೆ ವಿಶೇಷ ತರಗತಿಗಳನ್ನು ಹಮ್ಮಿಕೊಳ್ಳಲಾಗಿತ್ತು. ಪಾಠ ಪ್ರವಚನ ಹಾಗೂ ಪ್ರಾಯೋಗಿಕ ತರಬೇತಿ ಮೂಲಕ ಮಕ್ಕಳಲ್ಲಿ ಕಲಿಕೆಯ ಆಸಕ್ತಿ ಹೆಚ್ಚಿಸಲಾಗಿದೆ. ನಿರಂತರ ಪರಿಶ್ರಮದಿಂದ ಶಾಲೆಯು ಉತ್ತಮ ಫಲಿತಾಂಶ ಪಡೆದಿದೆ ಎಂದರು.
ಸಹ ವ್ಯಾಸಂಗ ಮಾಡಿ ಅಭೂತಪೂರ್ವ ಸಾಧನೆ ಮಾಡಿದ್ದಾರೆ ಎಂದು ವಿವರಿಸಿದರು. ಮುಂದಿನ ವರ್ಷಗಳಲ್ಲಿ ಈ ನಿಟ್ಟಿನಲ್ಲಿ ಶಿಕ್ಷಕರಿಗೆ ತರಬೇತಿ ಮತ್ತು ಕಾರ್ಯಾಗಾರಗಳನ್ನು ನಡೆಸುತ್ತೇವೆ. ಇದಕ್ಕೆ ಸಂಬಂಧಿಸಿದಂತೆ ಅತ್ಯುತ್ತಮ ಫಲಿತಾಂಶ ಪಡೆದ ಶಾಲೆಗಳಿಗೆ ನೀಡುವ ಪ್ರಶಸ್ತಿಯನ್ನು ಸಹ ನಮ್ಮ ಶಾಲೆ ಪಡೆದಿದೆ. ಶೇ.85 ರಷ್ಟು ಅಂಕ ಪಡೆದ ವಿದ್ಯಾರ್ಥಿಗಳನ್ನು ಶಾಲೆಯ ವತಿಯಿಂದ ಸನ್ಮಾನಿಸಲಾಯಿತು. MJSPR PVT LTD ಕಾರ್ಪೊರೇಟ್ ಸಂಸ್ಥೆಯ ಸಂಸ್ಥಾಪಕ ಅಧ್ಯಕ್ಷ ಎಂ.ಜೆ.ಶ್ರೀಕಾಂತ್ ರವರ ಮಾರ್ಗದರ್ಶನದಲ್ಲಿ ಶಾಲೆಯು ಹೊಸ ವಿಧಾನದ ಶಿಕ್ಷಣ ಪದ್ಧತಿಯನ್ನು ಅಳವಡಿಸಿಕೊಂಡಿದ್ದು, ಮಕ್ಕಳ ಭವಿಷ್ಯ ರೂಪಿಸುವಲ್ಲಿ ಶ್ರಮಿಸುತ್ತಿದೆ. ಶಾಲಾ ಆಡಳಿತ ಮಂಡಳಿಯ ಸದಸ್ಯರು, ಮುಖ್ಯಶಿಕ್ಷಕರು ಹಾಗೂ ಶಿಕ್ಷಕರು, ಪೋಷಕರು ಸೇರಿದಂತೆ ಸಿಬ್ಬಂದಿ ವರ್ಗದವರು ಹಾಜರಿದ್ದರು. ಎಸ್.ಎಸ್.ಎಲ್.ಸಿ ಉತ್ತೀರ್ಣರಾದ ಎಲ್ಲಾ ವಿದ್ಯಾರ್ಥಿಗಳಿಗೆ ಅಭಿನಂದಿಸಿ, ಸನ್ಮಾನಿಸಲಾಯಿತು.
ಕೆನಾಲ್ : ರಾಜ್ಯ ರೈತ ಸಂಘದಿಂದ ಬೆಂಬಲ
ತುಮಕೂರು, ಮೇ 15– "ಹೇಮಾವತಿ ಎಕ್ಸ್‌ಪ್ರೆಸ್ ಲಿಂಕ್ ಕೆನಾಲ್ ವಿರೋಧಿ ಹೋರಾಟ ಸಮಿತಿ", ತುಮಕೂರು ನಿಲ್ಲಿಸಲು ಮುಂದಾಗಿರುವುದರ ಜೊತೆಗೆ ಉಗ್ರ ಹೋರಾಟವನ್ನು ಹಮ್ಮಿಕೊಂಡಿರುವ ಹೋರಾಟ ಸಮಿತಿಗೆ ಕರ್ನಾಟಕ ರಾಜ್ಯ ರೈತ ಸಂಘ ಸೇರಿದಂತೆ ಜಿಲ್ಲೆಯ ಎಲ್ಲಾ ರೈತ ಸಂಘಟನೆಗಳು ಸಹ ಸಂಪೂರ್ಣ ಸಹಕಾರ ನೀಡಿದೆ. ಜಿಲ್ಲೆಗೆ ಹಂಚಿಕೆಯಾಗಿರುವ ಹೇಮಾವತಿ ನೀರಿನಲ್ಲಿ ಜಲಾಶಯದಿಂದ 24.5 ಟಿ.ಎಂ.ಸಿ. ನೀರನ್ನು ಹಂಚಿಕೆ ಮಾಡಿರುವುದು ಸರಿಯಷ್ಟೇ, ಈಗಾಗಲೇ ಹಂಚಿಕೆ ಮಾಡಿದ್ದ ನೀರನ್ನು ಪ್ರತೀ ವರ್ಷವೂ ಗೊರೂರು ಜಲಾಶಯದಿಂದ ಪೂರ್ಣ ಪ್ರಮಾಣದಲ್ಲಿ ಹರಿಸದೇ ಜಿಲ್ಲೆಯ ರೈತರು, ಜನ, ಜಾನುವಾರು ಮತ್ತು ಪ್ರಾಣಿ ಪಕ್ಷಿಗಳಿಗೆ ಕುಡಿಯುವ ನೀರಿಗೆ ಅಭಾವ ಉಂಟಾಗಿದೆ. ಈ ಮಧ್ಯೆ ಗುಬ್ಬಿ ತಾಲ್ಲೂಕು ಡಿ. ರಾಂಪುರ ಬಳಿ 70ನೇ ಕಿ.ಮೀ. ನಿಂದ ರಾಮನಗರ ಜಿಲ್ಲೆ ಮಾಗಡಿ ತಾಲ್ಲೂಕಿನ ಕೆರೆಗಳಿಗೆ 843.71 ಎಂ.ಸಿ.ಎಫ್.ಟಿ ನೀರನ್ನು ಹಂಚಿಕೆ ಮಾಡಿದ್ದೇವೆಂದು ಸರ್ಕಾರ ಅಧಿಕೃತ ಆದೇಶದ ಮೂಲಕ 35.4 ಕಿ.ಮೀ. ಉದ್ದ 10 ಅಡಿ ವಿಸ್ತಾರದ ಪೈಪ್ ಲೈನ್ ಅಳವಡಿಕೆ ಮಾಡಿಕೊಂಡು ಹುನ್ನಾರ ನಡೆಸುತ್ತಿದೆ. ತುಮಕೂರು ಜಿಲ್ಲೆಗೆ ಏಕೈಕ ಆಸರೆಯಾಗಿರುವ ಹೇಮಾವತಿ ನೀರನ್ನು ಪೈಪ್‌ಲೈನ್ ಮೂಲಕ ಯಾವುದೇ ಕಾರಣಕ್ಕೂ ಸಾಗಿಸಲು ಬಿಡುವುದಿಲ್ಲ ಎಂದು ಎಚ್ಚರಿಸಿದರು. ಹೋರಾಟವನ್ನು ಹಮ್ಮಿಕೊಂಡಿದ್ದು, ಈ ಸಂದರ್ಭದಲ್ಲಿ ಹಮ್ಮಿಕೊಂಡಿರುವ ಹೋರಾಟದ ಬೆಂಬಲಕ್ಕೆ ತುಮಕೂರು ಜಿಲ್ಲೆಯ ಸಮಸ್ತ ನಾಗರೀಕರು, ರೈತರು, ಜನಪ್ರತಿನಿಧಿಗಳು, ವಿವಿಧ ಸಂಘ-ಸಂಸ್ಥೆಗಳು, ಸಂಘಟನೆಗಳು, ಮಠಾಧೀಶರುಗಳು, ಮಹಿಳಾ ಸ್ವ-ಸಹಾಯ ಸಂಘಗಳು ಸೇರಿದಂತೆ ಸರ್ವರೂ ಪಕ್ಷಾತೀತವಾಗಿ ಬೆಂಬಲ ನೀಡಬೇಕು. ಮೇ 16ರ ಗುರುವಾರದಂದು ಗುಬ್ಬಿ ತಾಲ್ಲೂಕಿನ ಡಿ.ರಾಂಪುರದ ಹೇಮಾವತಿ ಎಕ್ಸ್‌ಪ್ರೆಸ್ ಲಿಂಕ್ ಕೆನಾಲ್ ಕಾಮಗಾರಿ ಸ್ಥಳದಲ್ಲಿ ಬೃಹತ್ ಪ್ರತಿಭಟನೆ ಹಮ್ಮಿಕೊಂಡಿದ್ದು ಸರ್ವರೂ ಭಾಗವಹಿಸಬೇಕೆಂದು ಜಿಲ್ಲಾ ರೈತ ಸಂಘದ ಪದಾಧಿಕಾರಿಗಳು ಮನವಿ ಮಾಡಿದ್ದಾರೆ.
ಪ್ರಕಾಶಕರು, ಮಾಲೀಕರು, ಮುದ್ರಕರು, ಸಂಪಾದಕರು : ಗಂಗಹನುಮಯ್ಯ. ಮುದ್ರಣ : ಶ್ರೀ ಮಾರುತಿ ಆಫ್‌ಸೆಟ್ ಪ್ರಿಂಟರ್ಸ್, ವಿ.ಆರ್.ಕಾಲೋನಿ, ಬೆಳಗುಂಬ ರಸ್ತೆ, ತುಮಕೂರು. ಫೋನ್ : 0816–2275777, ಮೊಬೈಲ್ : 9845213604, 9448769806
Publisher, Owner, Printer, Editor: Gangahanumaiah. Printed at: Maruthi Offset Printers, V.R.Colony, Belagumba Road, Tumakuru. PH: 0816-2275777, Mob:9845213604, 9448769806
